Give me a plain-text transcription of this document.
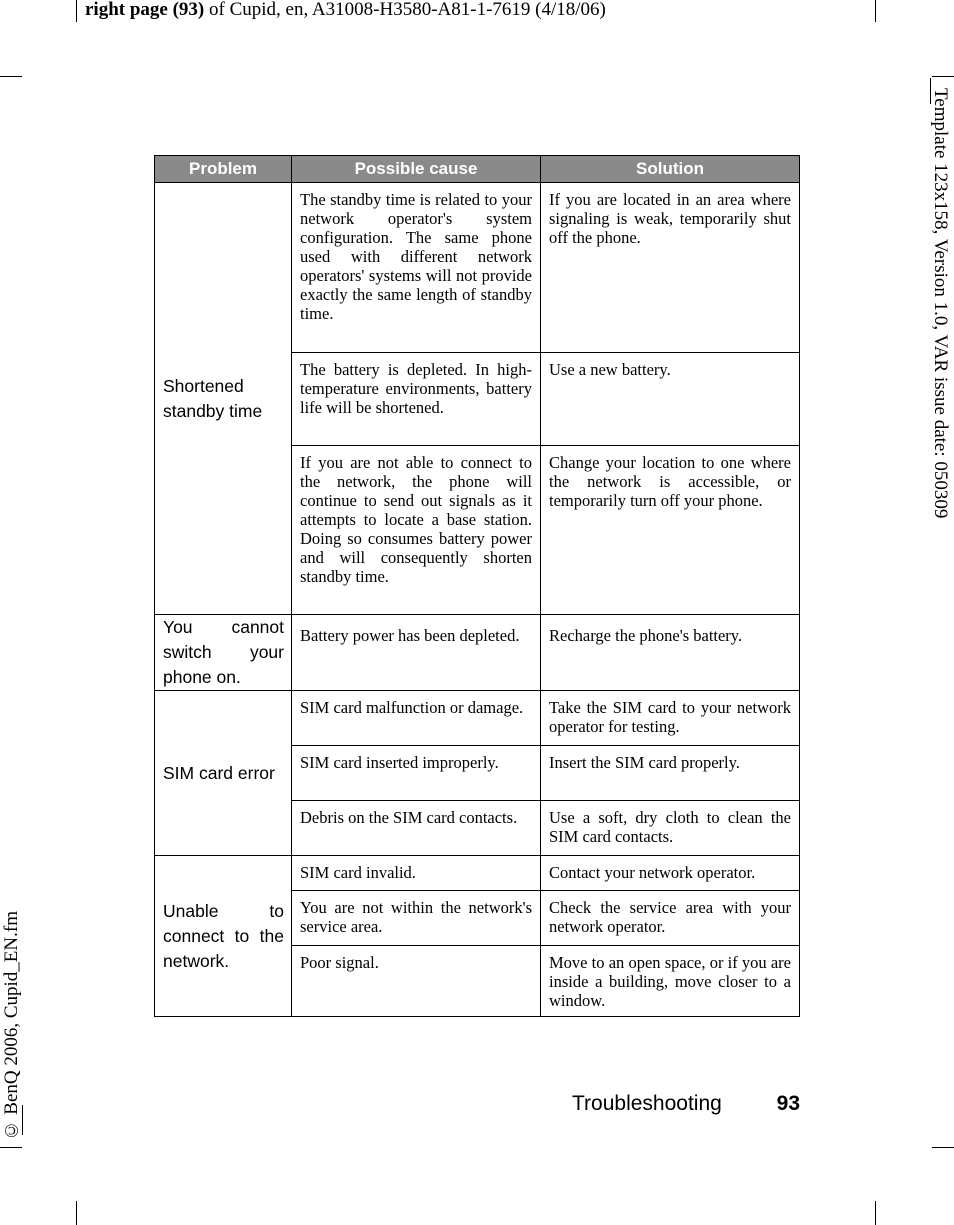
right page (93) of Cupid, en, A31008-H3580-A81-1-7619 (4/18/06)
Template 123x158, Version 1.0, VAR issue date: 050309
© BenQ 2006, Cupid_EN.fm
Problem	Possible cause	Solution
Shortened standby time	The standby time is related to your network operator's system configuration. The same phone used with different network operators' systems will not provide exactly the same length of standby time.	If you are located in an area where signaling is weak, temporarily shut off the phone.
	The battery is depleted. In high-temperature environments, battery life will be shortened.	Use a new battery.
	If you are not able to connect to the network, the phone will continue to send out signals as it attempts to locate a base station. Doing so consumes battery power and will consequently shorten standby time.	Change your location to one where the network is accessible, or temporarily turn off your phone.
You cannot switch your phone on.	Battery power has been depleted.	Recharge the phone's battery.
SIM card error	SIM card malfunction or damage.	Take the SIM card to your network operator for testing.
	SIM card inserted improperly.	Insert the SIM card properly.
	Debris on the SIM card contacts.	Use a soft, dry cloth to clean the SIM card contacts.
Unable to connect to the network.	SIM card invalid.	Contact your network operator.
	You are not within the network's service area.	Check the service area with your network operator.
	Poor signal.	Move to an open space, or if you are inside a building, move closer to a window.
Troubleshooting	93
